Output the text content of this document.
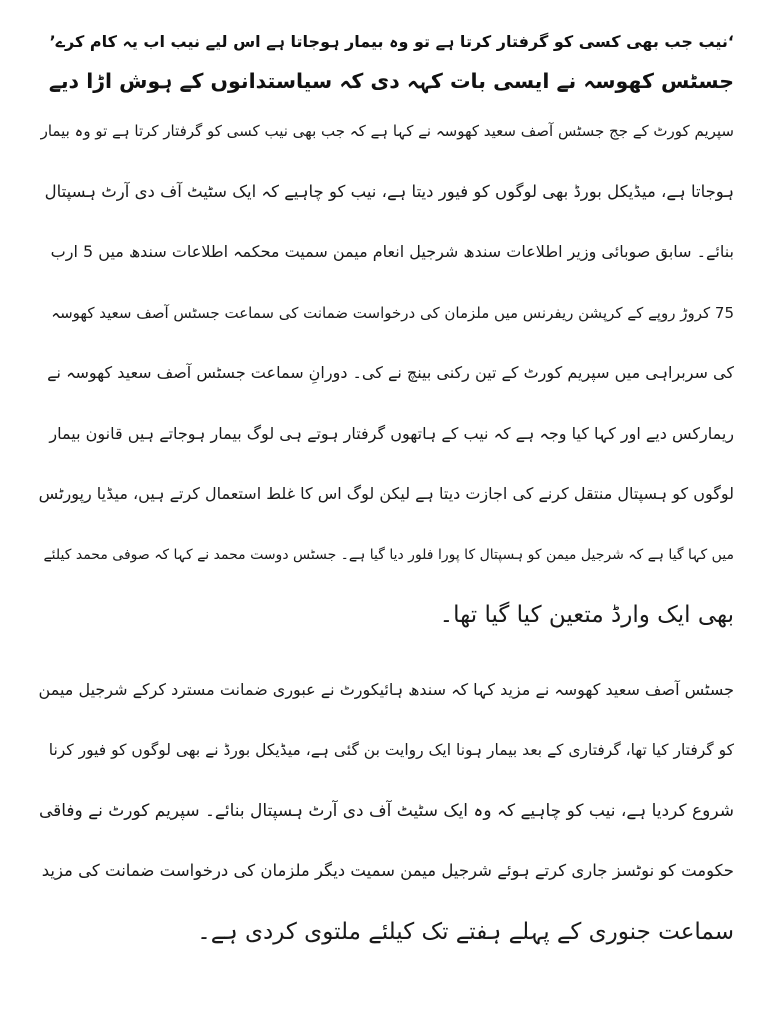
‘نیب جب بھی کسی کو گرفتار کرتا ہے تو وہ بیمار ہوجاتا ہے اس لیے نیب اب یہ کام کرے’

جسٹس کھوسہ نے ایسی بات کہہ دی کہ سیاستدانوں کے ہوش اڑا دیے

سپریم کورٹ کے جج جسٹس آصف سعید کھوسہ نے کہا ہے کہ جب بھی نیب کسی کو گرفتار کرتا ہے تو وہ بیمار

ہوجاتا ہے، میڈیکل بورڈ بھی لوگوں کو فیور دیتا ہے، نیب کو چاہیے کہ ایک سٹیٹ آف دی آرٹ ہسپتال

بنائے۔ سابق صوبائی وزیر اطلاعات سندھ شرجیل انعام میمن سمیت محکمہ اطلاعات سندھ میں 5 ارب

75 کروڑ روپے کے کرپشن ریفرنس میں ملزمان کی درخواست ضمانت کی سماعت جسٹس آصف سعید کھوسہ

کی سربراہی میں سپریم کورٹ کے تین رکنی بینچ نے کی۔ دورانِ سماعت جسٹس آصف سعید کھوسہ نے

ریمارکس دیے اور کہا کیا وجہ ہے کہ نیب کے ہاتھوں گرفتار ہوتے ہی لوگ بیمار ہوجاتے ہیں قانون بیمار

لوگوں کو ہسپتال منتقل کرنے کی اجازت دیتا ہے لیکن لوگ اس کا غلط استعمال کرتے ہیں، میڈیا رپورٹس

میں کہا گیا ہے کہ شرجیل میمن کو ہسپتال کا پورا فلور دیا گیا ہے۔ جسٹس دوست محمد نے کہا کہ صوفی محمد کیلئے

بھی ایک وارڈ متعین کیا گیا تھا۔

جسٹس آصف سعید کھوسہ نے مزید کہا کہ سندھ ہائیکورٹ نے عبوری ضمانت مسترد کرکے شرجیل میمن

کو گرفتار کیا تھا، گرفتاری کے بعد بیمار ہونا ایک روایت بن گئی ہے، میڈیکل بورڈ نے بھی لوگوں کو فیور کرنا

شروع کردیا ہے، نیب کو چاہیے کہ وہ ایک سٹیٹ آف دی آرٹ ہسپتال بنائے۔ سپریم کورٹ نے وفاقی

حکومت کو نوٹسز جاری کرتے ہوئے شرجیل میمن سمیت دیگر ملزمان کی درخواست ضمانت کی مزید

سماعت جنوری کے پہلے ہفتے تک کیلئے ملتوی کردی ہے۔
